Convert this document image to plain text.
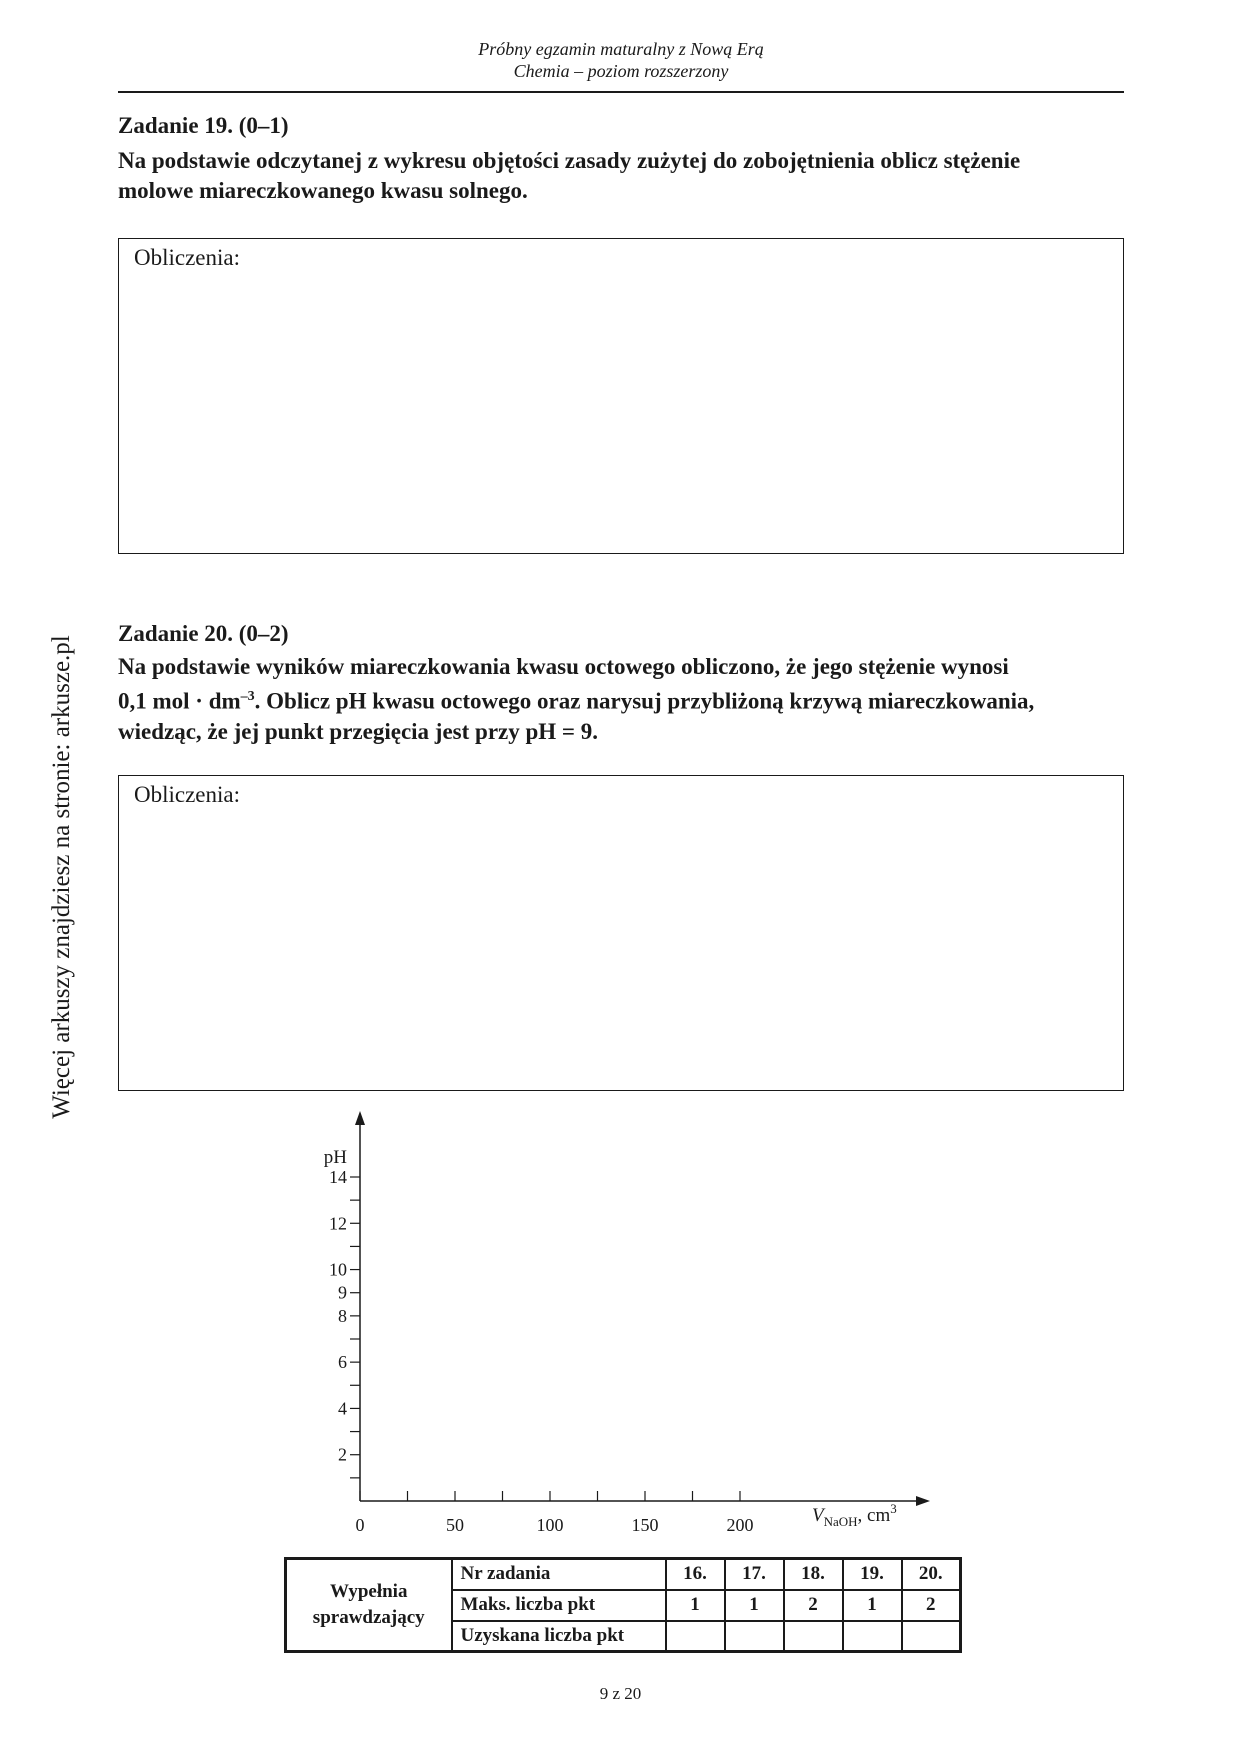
Próbny egzamin maturalny z Nową Erą
Chemia – poziom rozszerzony
Więcej arkuszy znajdziesz na stronie: arkusze.pl
Zadanie 19. (0–1)

Na podstawie odczytanej z wykresu objętości zasady zużytej do zobojętnienia oblicz stężenie

molowe miareczkowanego kwasu solnego.

Obliczenia:
Zadanie 20. (0–2)

Na podstawie wyników miareczkowania kwasu octowego obliczono, że jego stężenie wynosi

0,1 mol · $dm^{-3}$. Oblicz pH kwasu octowego oraz narysuj przybliżoną krzywą miareczkowania,

wiedząc, że jej punkt przegięcia jest przy pH = 9.

Obliczenia:
14
12
10
9
8
6
4
2
pH
0	50	100	150	200	$V_{NaOH}$, $cm^3$
Wypełnia
sprawdzający	Nr zadania	16.	17.	18.	19.	20.
	Maks. liczba pkt	1	1	2	1	2
	Uzyskana liczba pkt					
9 z 20
